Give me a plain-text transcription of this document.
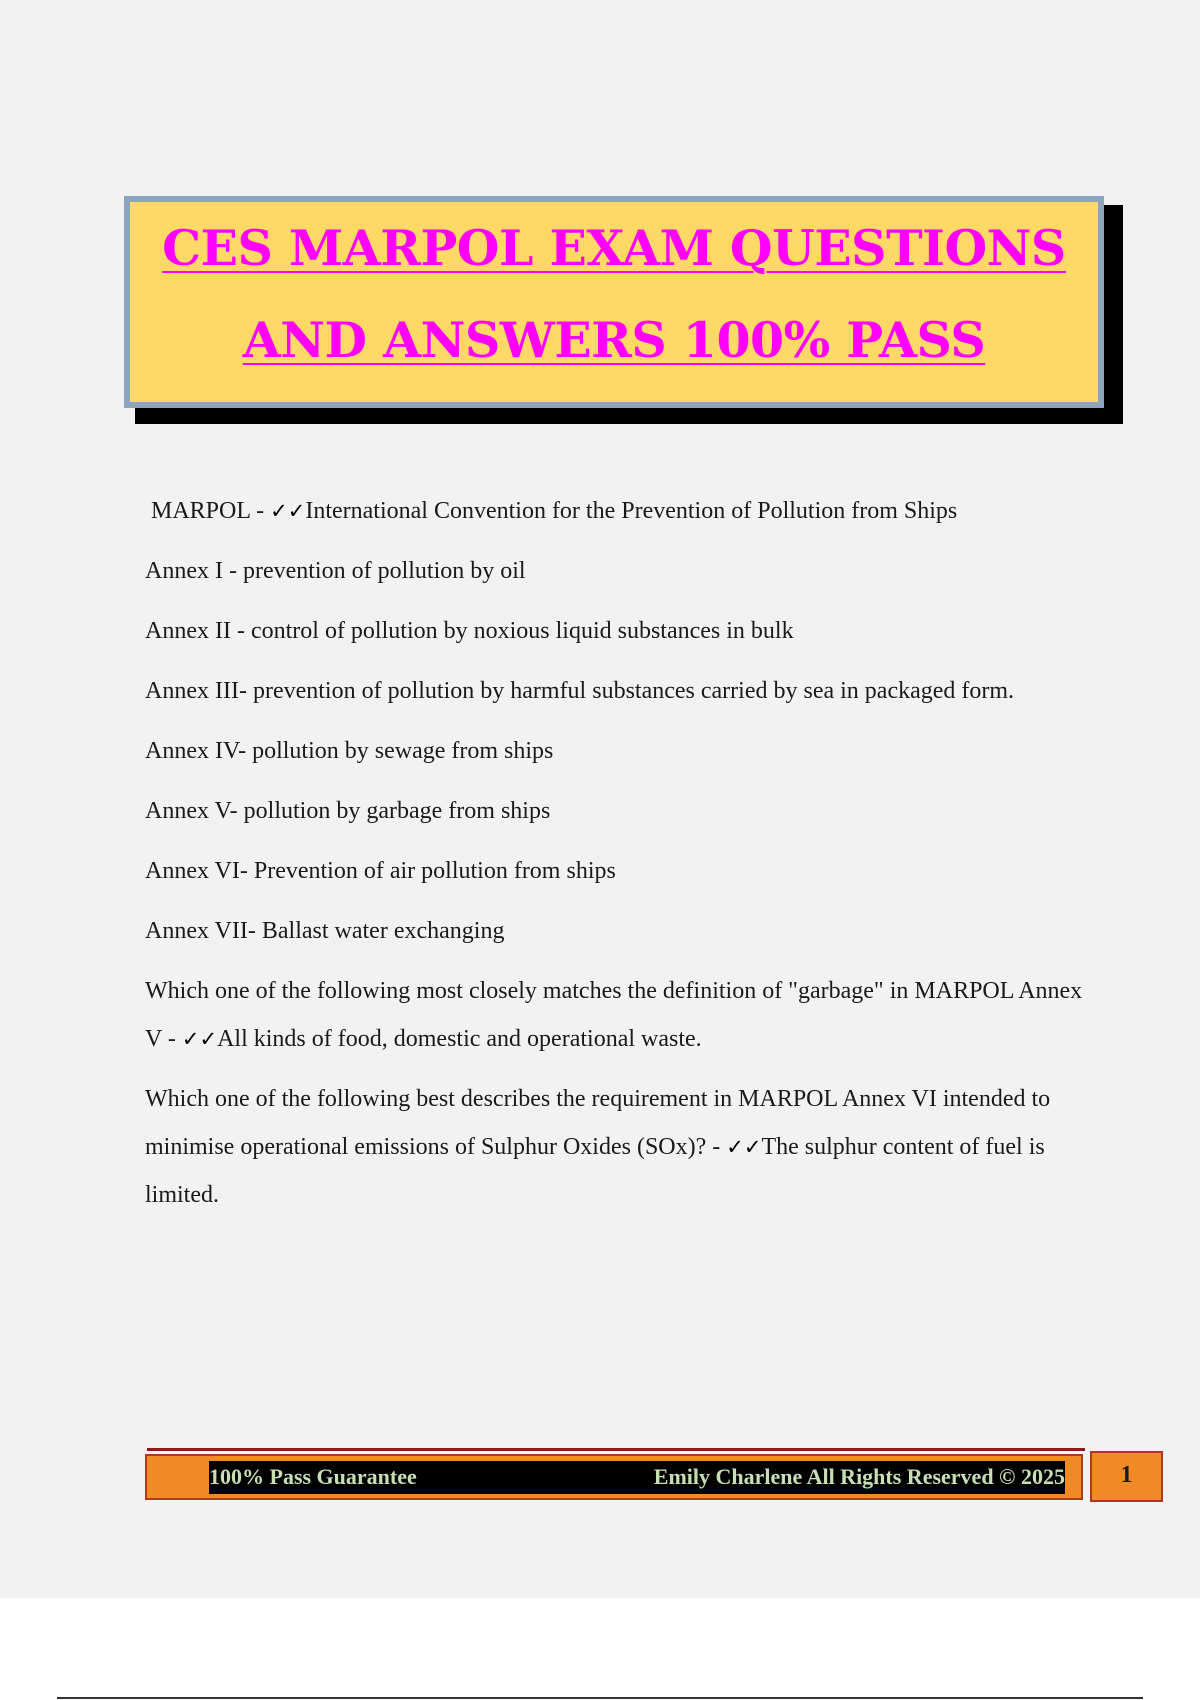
CES MARPOL EXAM QUESTIONS
AND ANSWERS 100% PASS

MARPOL - ✓✓International Convention for the Prevention of Pollution from Ships

Annex I - prevention of pollution by oil

Annex II - control of pollution by noxious liquid substances in bulk

Annex III- prevention of pollution by harmful substances carried by sea in packaged form.

Annex IV- pollution by sewage from ships

Annex V- pollution by garbage from ships

Annex VI- Prevention of air pollution from ships

Annex VII- Ballast water exchanging

Which one of the following most closely matches the definition of "garbage" in MARPOL Annex V - ✓✓All kinds of food, domestic and operational waste.

Which one of the following best describes the requirement in MARPOL Annex VI intended to minimise operational emissions of Sulphur Oxides (SOx)? - ✓✓The sulphur content of fuel is limited.

100% Pass Guarantee	Emily Charlene All Rights Reserved © 2025	1
